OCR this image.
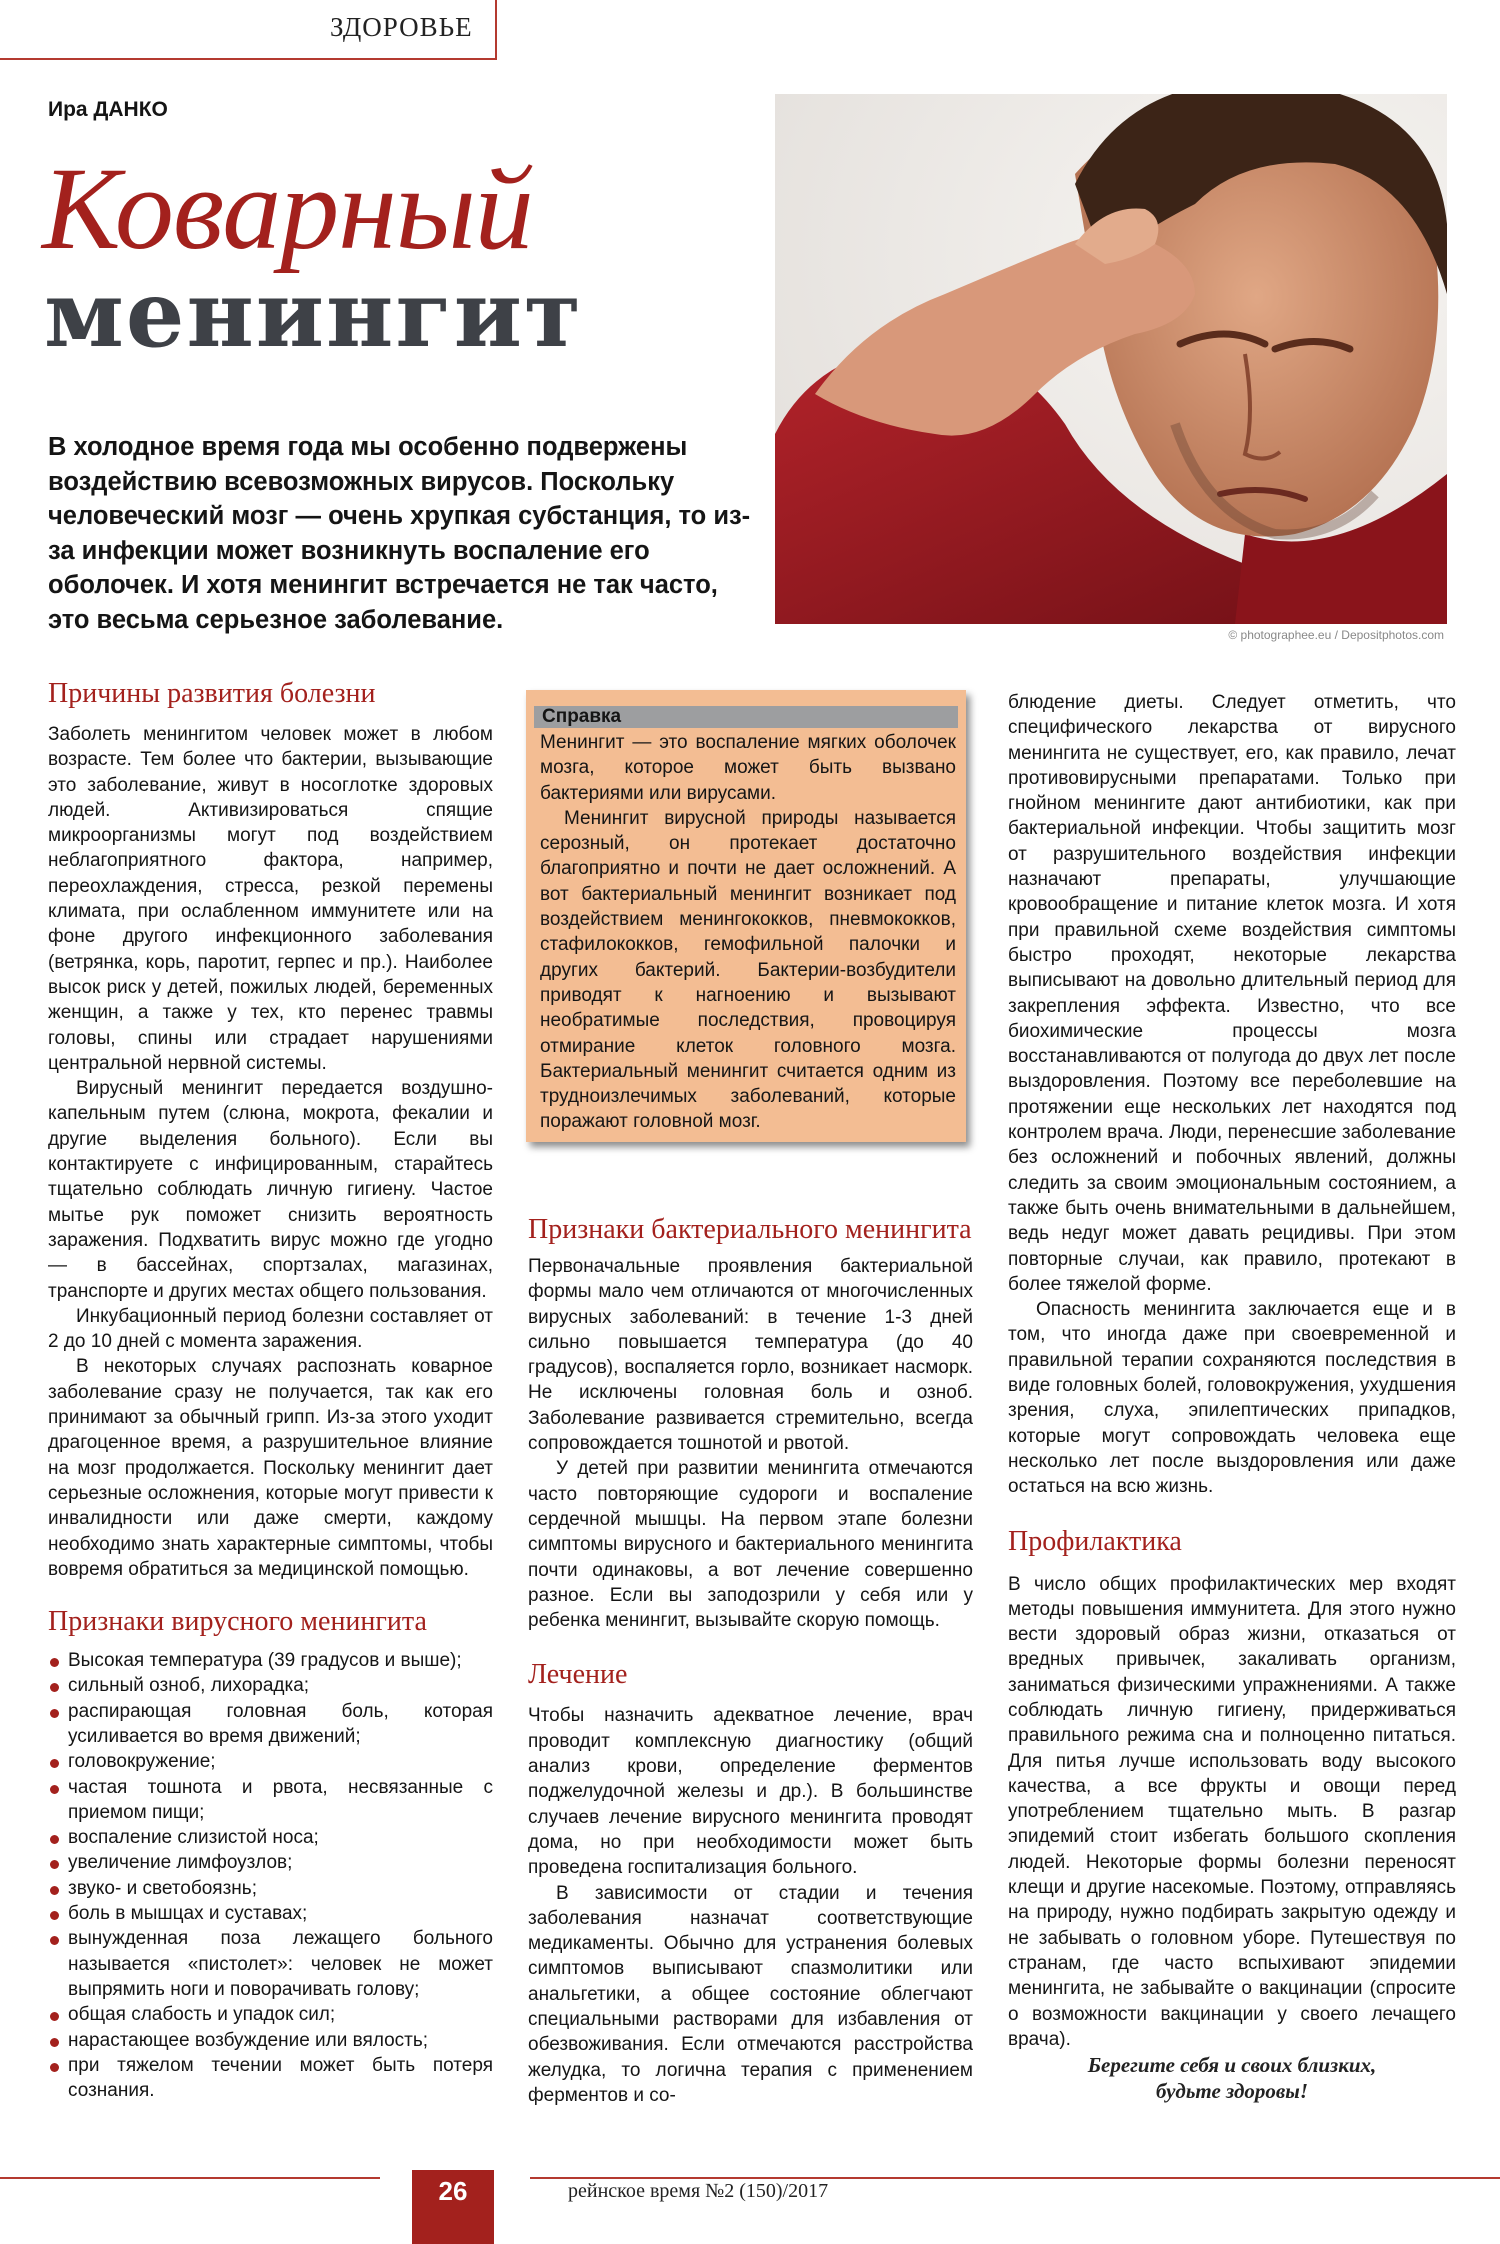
ЗДОРОВЬЕ
Ира ДАНКО
Коварный
менингит
© photographee.eu / Depositphotos.com
В холодное время года мы особенно подвержены воздействию всевозможных вирусов. Поскольку человеческий мозг — очень хрупкая субстанция, то из-за инфекции может возникнуть воспаление его оболочек. И хотя менингит встречается не так часто, это весьма серьезное заболевание.
Причины развития болезни

Заболеть менингитом человек может в любом возрасте. Тем более что бактерии, вызывающие это заболевание, живут в носоглотке здоровых людей. Активизироваться спящие микроорганизмы могут под воздействием неблагоприятного фактора, например, переохлаждения, стресса, резкой перемены климата, при ослабленном иммунитете или на фоне другого инфекционного заболевания (ветрянка, корь, паротит, герпес и пр.). Наиболее высок риск у детей, пожилых людей, беременных женщин, а также у тех, кто перенес травмы головы, спины или страдает нарушениями центральной нервной системы.

Вирусный менингит передается воздушно-капельным путем (слюна, мокрота, фекалии и другие выделения больного). Если вы контактируете с инфицированным, старайтесь тщательно соблюдать личную гигиену. Частое мытье рук поможет снизить вероятность заражения. Подхватить вирус можно где угодно — в бассейнах, спортзалах, магазинах, транспорте и других местах общего пользования.

Инкубационный период болезни составляет от 2 до 10 дней с момента заражения.

В некоторых случаях распознать коварное заболевание сразу не получается, так как его принимают за обычный грипп. Из-за этого уходит драгоценное время, а разрушительное влияние на мозг продолжается. Поскольку менингит дает серьезные осложнения, которые могут привести к инвалидности или даже смерти, каждому необходимо знать характерные симптомы, чтобы вовремя обратиться за медицинской помощью.

Признаки вирусного менингита
Высокая температура (39 градусов и выше);
сильный озноб, лихорадка;
распирающая головная боль, которая усиливается во время движений;
головокружение;
частая тошнота и рвота, несвязанные с приемом пищи;
воспаление слизистой носа;
увеличение лимфоузлов;
звуко- и светобоязнь;
боль в мышцах и суставах;
вынужденная поза лежащего больного называется «пистолет»: человек не может выпрямить ноги и поворачивать голову;
общая слабость и упадок сил;
нарастающее возбуждение или вялость;
при тяжелом течении может быть потеря сознания.
Справка

Менингит — это воспаление мягких оболочек мозга, которое может быть вызвано бактериями или вирусами.

Менингит вирусной природы называется серозный, он протекает достаточно благоприятно и почти не дает осложнений. А вот бактериальный менингит возникает под воздействием менингококков, пневмококков, стафилококков, гемофильной палочки и других бактерий. Бактерии-возбудители приводят к нагноению и вызывают необратимые последствия, провоцируя отмирание клеток головного мозга. Бактериальный менингит считается одним из трудноизлечимых заболеваний, которые поражают головной мозг.

Признаки бактериального менингита

Первоначальные проявления бактериальной формы мало чем отличаются от многочисленных вирусных заболеваний: в течение 1-3 дней сильно повышается температура (до 40 градусов), воспаляется горло, возникает насморк. Не исключены головная боль и озноб. Заболевание развивается стремительно, всегда сопровождается тошнотой и рвотой.

У детей при развитии менингита отмечаются часто повторяющие судороги и воспаление сердечной мышцы. На первом этапе болезни симптомы вирусного и бактериального менингита почти одинаковы, а вот лечение совершенно разное. Если вы заподозрили у себя или у ребенка менингит, вызывайте скорую помощь.

Лечение

Чтобы назначить адекватное лечение, врач проводит комплексную диагностику (общий анализ крови, определение ферментов поджелудочной железы и др.). В большинстве случаев лечение вирусного менингита проводят дома, но при необходимости может быть проведена госпитализация больного.

В зависимости от стадии и течения заболевания назначат соответствующие медикаменты. Обычно для устранения болевых симптомов выписывают спазмолитики или анальгетики, а общее состояние облегчают специальными растворами для избавления от обезвоживания. Если отмечаются расстройства желудка, то логична терапия с применением ферментов и со-

блюдение диеты. Следует отметить, что специфического лекарства от вирусного менингита не существует, его, как правило, лечат противовирусными препаратами. Только при гнойном менингите дают антибиотики, как при бактериальной инфекции. Чтобы защитить мозг от разрушительного воздействия инфекции назначают препараты, улучшающие кровообращение и питание клеток мозга. И хотя при правильной схеме воздействия симптомы быстро проходят, некоторые лекарства выписывают на довольно длительный период для закрепления эффекта. Известно, что все биохимические процессы мозга восстанавливаются от полугода до двух лет после выздоровления. Поэтому все переболевшие на протяжении еще нескольких лет находятся под контролем врача. Люди, перенесшие заболевание без осложнений и побочных явлений, должны следить за своим эмоциональным состоянием, а также быть очень внимательными в дальнейшем, ведь недуг может давать рецидивы. При этом повторные случаи, как правило, протекают в более тяжелой форме.

Опасность менингита заключается еще и в том, что иногда даже при своевременной и правильной терапии сохраняются последствия в виде головных болей, головокружения, ухудшения зрения, слуха, эпилептических припадков, которые могут сопровождать человека еще несколько лет после выздоровления или даже остаться на всю жизнь.

Профилактика

В число общих профилактических мер входят методы повышения иммунитета. Для этого нужно вести здоровый образ жизни, отказаться от вредных привычек, закаливать организм, заниматься физическими упражнениями. А также соблюдать личную гигиену, придерживаться правильного режима сна и полноценно питаться. Для питья лучше использовать воду высокого качества, а все фрукты и овощи перед употреблением тщательно мыть. В разгар эпидемий стоит избегать большого скопления людей. Некоторые формы болезни переносят клещи и другие насекомые. Поэтому, отправляясь на природу, нужно подбирать закрытую одежду и не забывать о головном уборе. Путешествуя по странам, где часто вспыхивают эпидемии менингита, не забывайте о вакцинации (спросите о возможности вакцинации у своего лечащего врача).

Берегите себя и своих близких,
будьте здоровы!
26	рейнское время №2 (150)/2017
